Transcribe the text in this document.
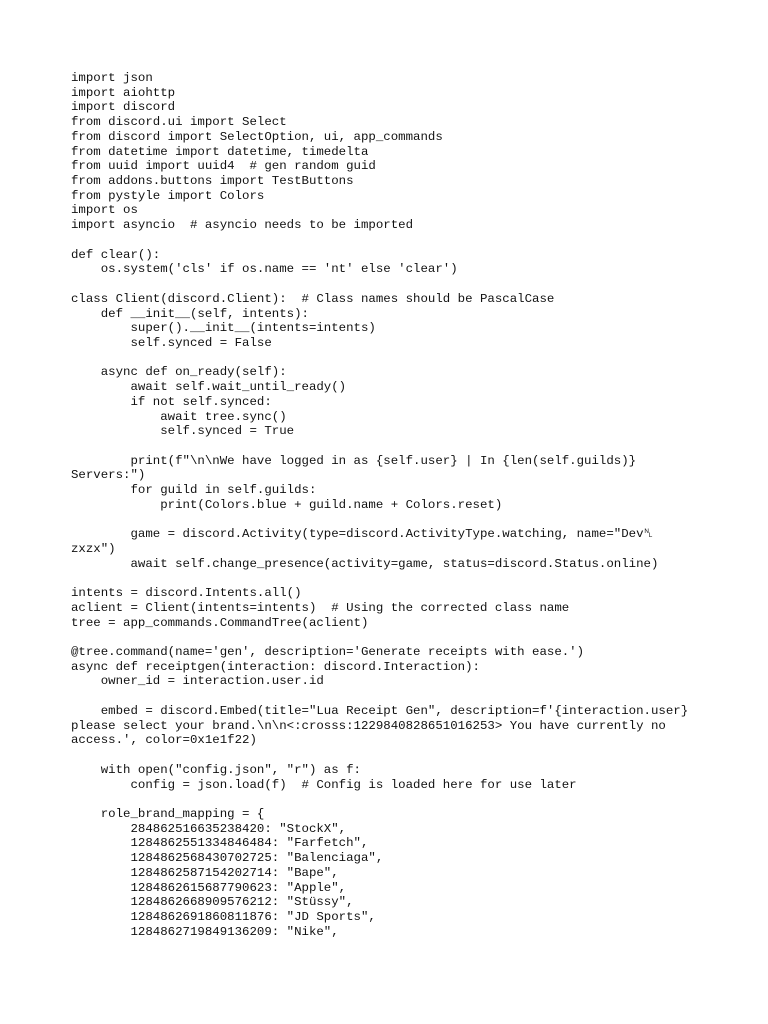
import json
import aiohttp
import discord
from discord.ui import Select
from discord import SelectOption, ui, app_commands
from datetime import datetime, timedelta
from uuid import uuid4  # gen random guid
from addons.buttons import TestButtons
from pystyle import Colors
import os
import asyncio  # asyncio needs to be imported
def clear():
os.system('cls' if os.name == 'nt' else 'clear')
class Client(discord.Client):  # Class names should be PascalCase
def __init__(self, intents):
super().__init__(intents=intents)
self.synced = False
async def on_ready(self):
await self.wait_until_ready()
if not self.synced:
await tree.sync()
self.synced = True
print(f"\n\nWe have logged in as {self.user} | In {len(self.guilds)}
Servers:")
for guild in self.guilds:
print(Colors.blue + guild.name + Colors.reset)
game = discord.Activity(type=discord.ActivityType.watching, name="Dev␤
zxzx")
await self.change_presence(activity=game, status=discord.Status.online)
intents = discord.Intents.all()
aclient = Client(intents=intents)  # Using the corrected class name
tree = app_commands.CommandTree(aclient)
@tree.command(name='gen', description='Generate receipts with ease.')
async def receiptgen(interaction: discord.Interaction):
owner_id = interaction.user.id
embed = discord.Embed(title="Lua Receipt Gen", description=f'{interaction.user}
please select your brand.\n\n<:crosss:1229840828651016253> You have currently no
access.', color=0x1e1f22)
with open("config.json", "r") as f:
config = json.load(f)  # Config is loaded here for use later
role_brand_mapping = {
284862516635238420: "StockX",
1284862551334846484: "Farfetch",
1284862568430702725: "Balenciaga",
1284862587154202714: "Bape",
1284862615687790623: "Apple",
1284862668909576212: "Stüssy",
1284862691860811876: "JD Sports",
1284862719849136209: "Nike",
